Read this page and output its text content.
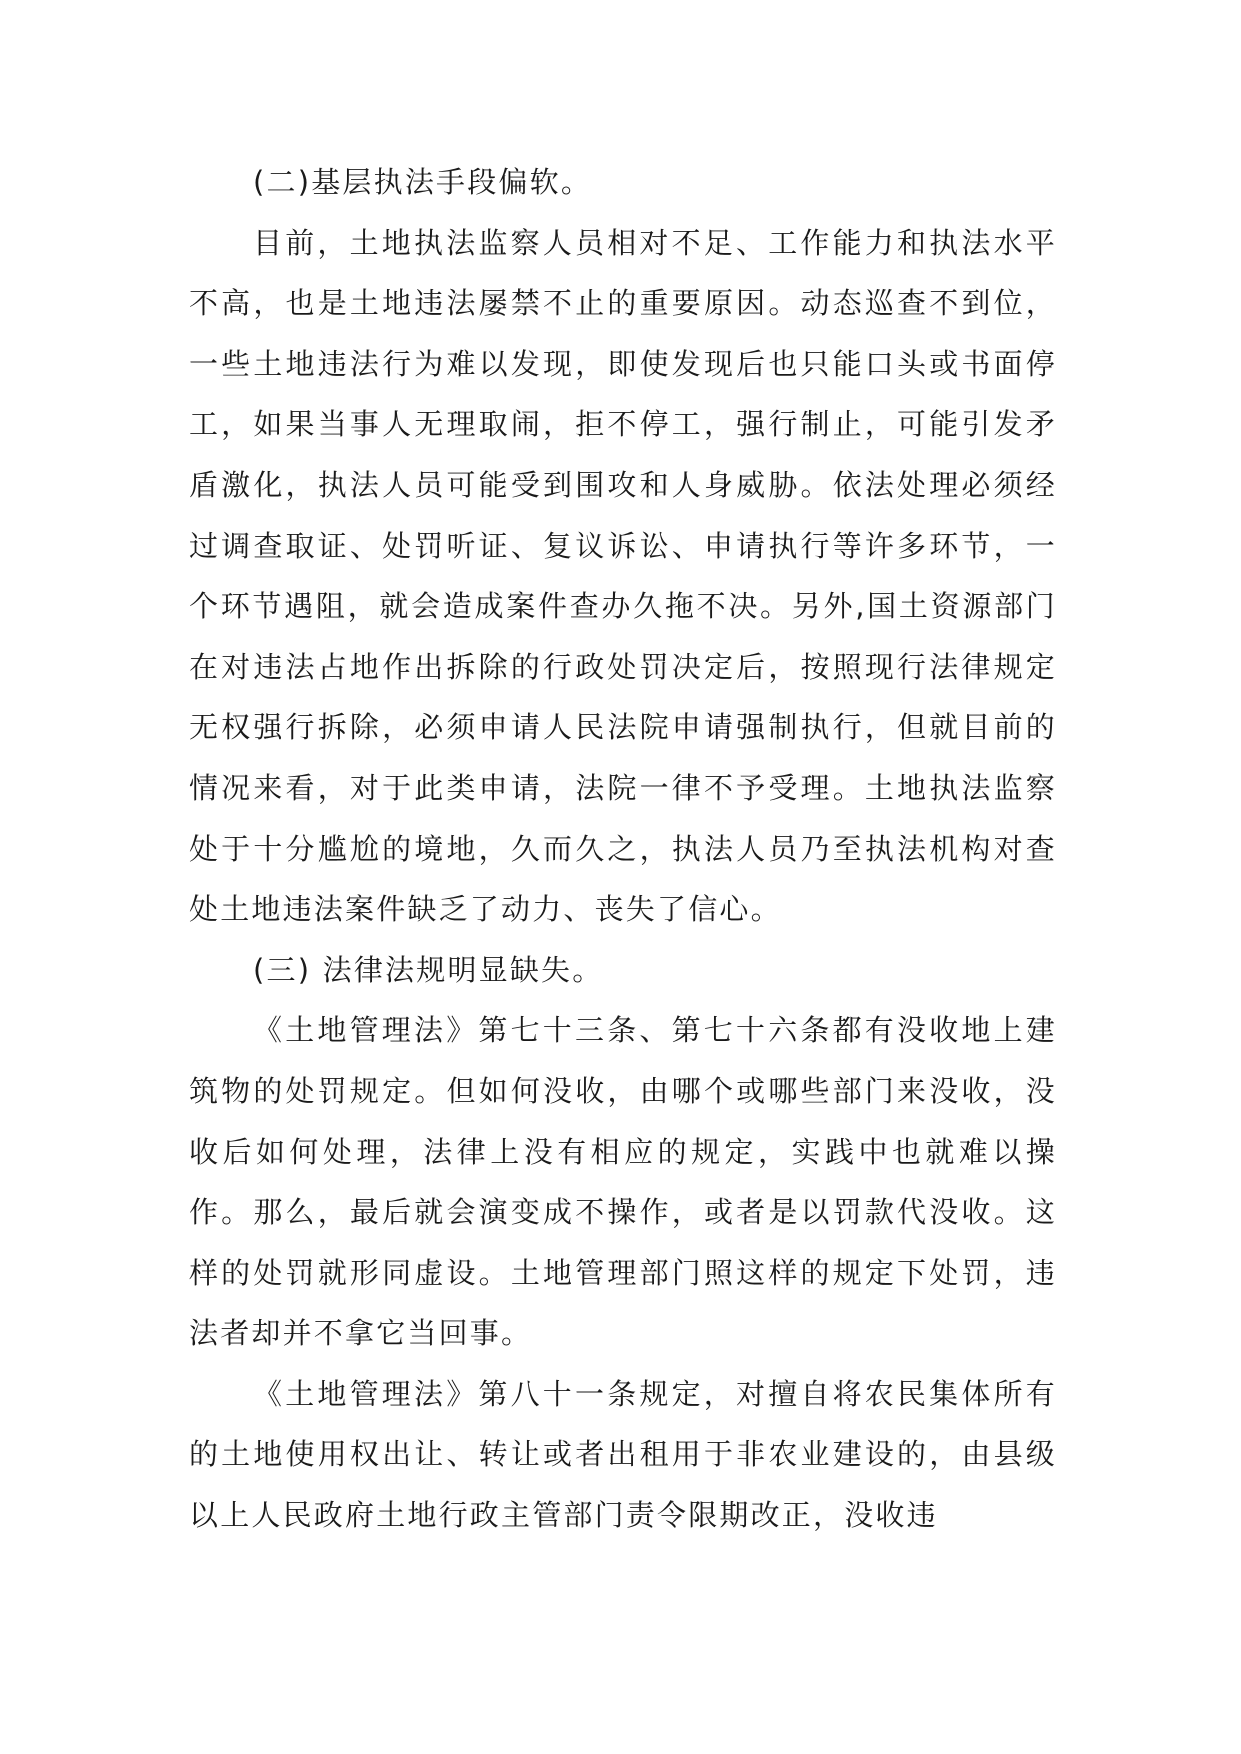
(二)基层执法手段偏软。

目前，土地执法监察人员相对不足、工作能力和执法水平不高，也是土地违法屡禁不止的重要原因。动态巡查不到位，一些土地违法行为难以发现，即使发现后也只能口头或书面停工，如果当事人无理取闹，拒不停工，强行制止，可能引发矛盾激化，执法人员可能受到围攻和人身威胁。依法处理必须经过调查取证、处罚听证、复议诉讼、申请执行等许多环节，一个环节遇阻，就会造成案件查办久拖不决。另外,国土资源部门在对违法占地作出拆除的行政处罚决定后，按照现行法律规定无权强行拆除，必须申请人民法院申请强制执行，但就目前的情况来看，对于此类申请，法院一律不予受理。土地执法监察处于十分尴尬的境地，久而久之，执法人员乃至执法机构对查处土地违法案件缺乏了动力、丧失了信心。

(三) 法律法规明显缺失。

《土地管理法》第七十三条、第七十六条都有没收地上建筑物的处罚规定。但如何没收，由哪个或哪些部门来没收，没收后如何处理，法律上没有相应的规定，实践中也就难以操作。那么，最后就会演变成不操作，或者是以罚款代没收。这样的处罚就形同虚设。土地管理部门照这样的规定下处罚，违法者却并不拿它当回事。

《土地管理法》第八十一条规定，对擅自将农民集体所有的土地使用权出让、转让或者出租用于非农业建设的，由县级以上人民政府土地行政主管部门责令限期改正，没收违
